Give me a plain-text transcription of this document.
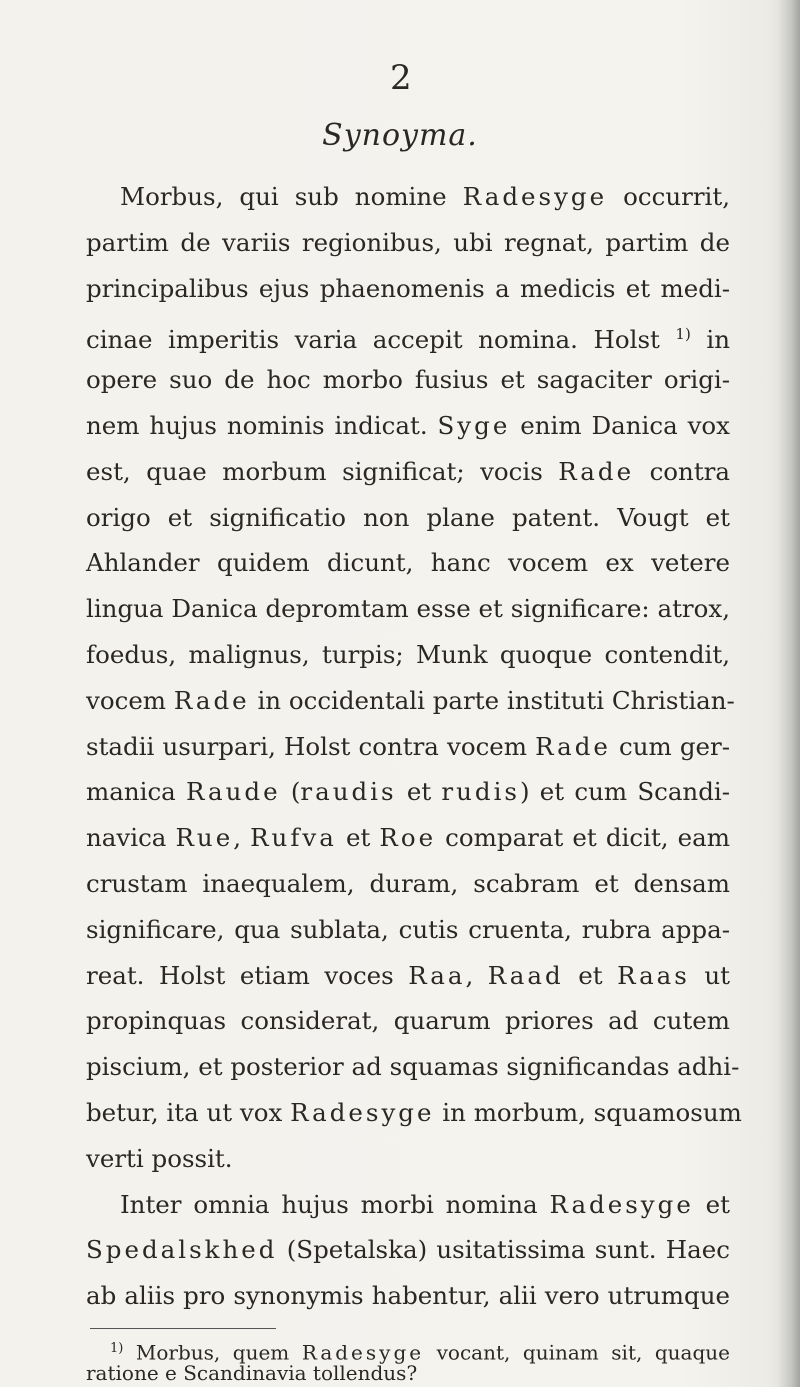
2
Synoyma.
Morbus, qui sub nomine Radesyge occurrit,
partim de variis regionibus, ubi regnat, partim de
principalibus ejus phaenomenis a medicis et medi-
cinae imperitis varia accepit nomina. Holst $^{1)}$ in
opere suo de hoc morbo fusius et sagaciter origi-
nem hujus nominis indicat. Syge enim Danica vox
est, quae morbum significat; vocis Rade contra
origo et significatio non plane patent. Vougt et
Ahlander quidem dicunt, hanc vocem ex vetere
lingua Danica depromtam esse et significare: atrox,
foedus, malignus, turpis; Munk quoque contendit,
vocem Rade in occidentali parte instituti Christian-
stadii usurpari, Holst contra vocem Rade cum ger-
manica Raude (raudis et rudis) et cum Scandi-
navica Rue, Rufva et Roe comparat et dicit, eam
crustam inaequalem, duram, scabram et densam
significare, qua sublata, cutis cruenta, rubra appa-
reat. Holst etiam voces Raa, Raad et Raas ut
propinquas considerat, quarum priores ad cutem
piscium, et posterior ad squamas significandas adhi-
betur, ita ut vox Radesyge in morbum, squamosum
verti possit.
Inter omnia hujus morbi nomina Radesyge et
Spedalskhed (Spetalska) usitatissima sunt. Haec
ab aliis pro synonymis habentur, alii vero utrumque
$^{1)}$ Morbus, quem Radesyge vocant, quinam sit, quaque
ratione e Scandinavia tollendus?
